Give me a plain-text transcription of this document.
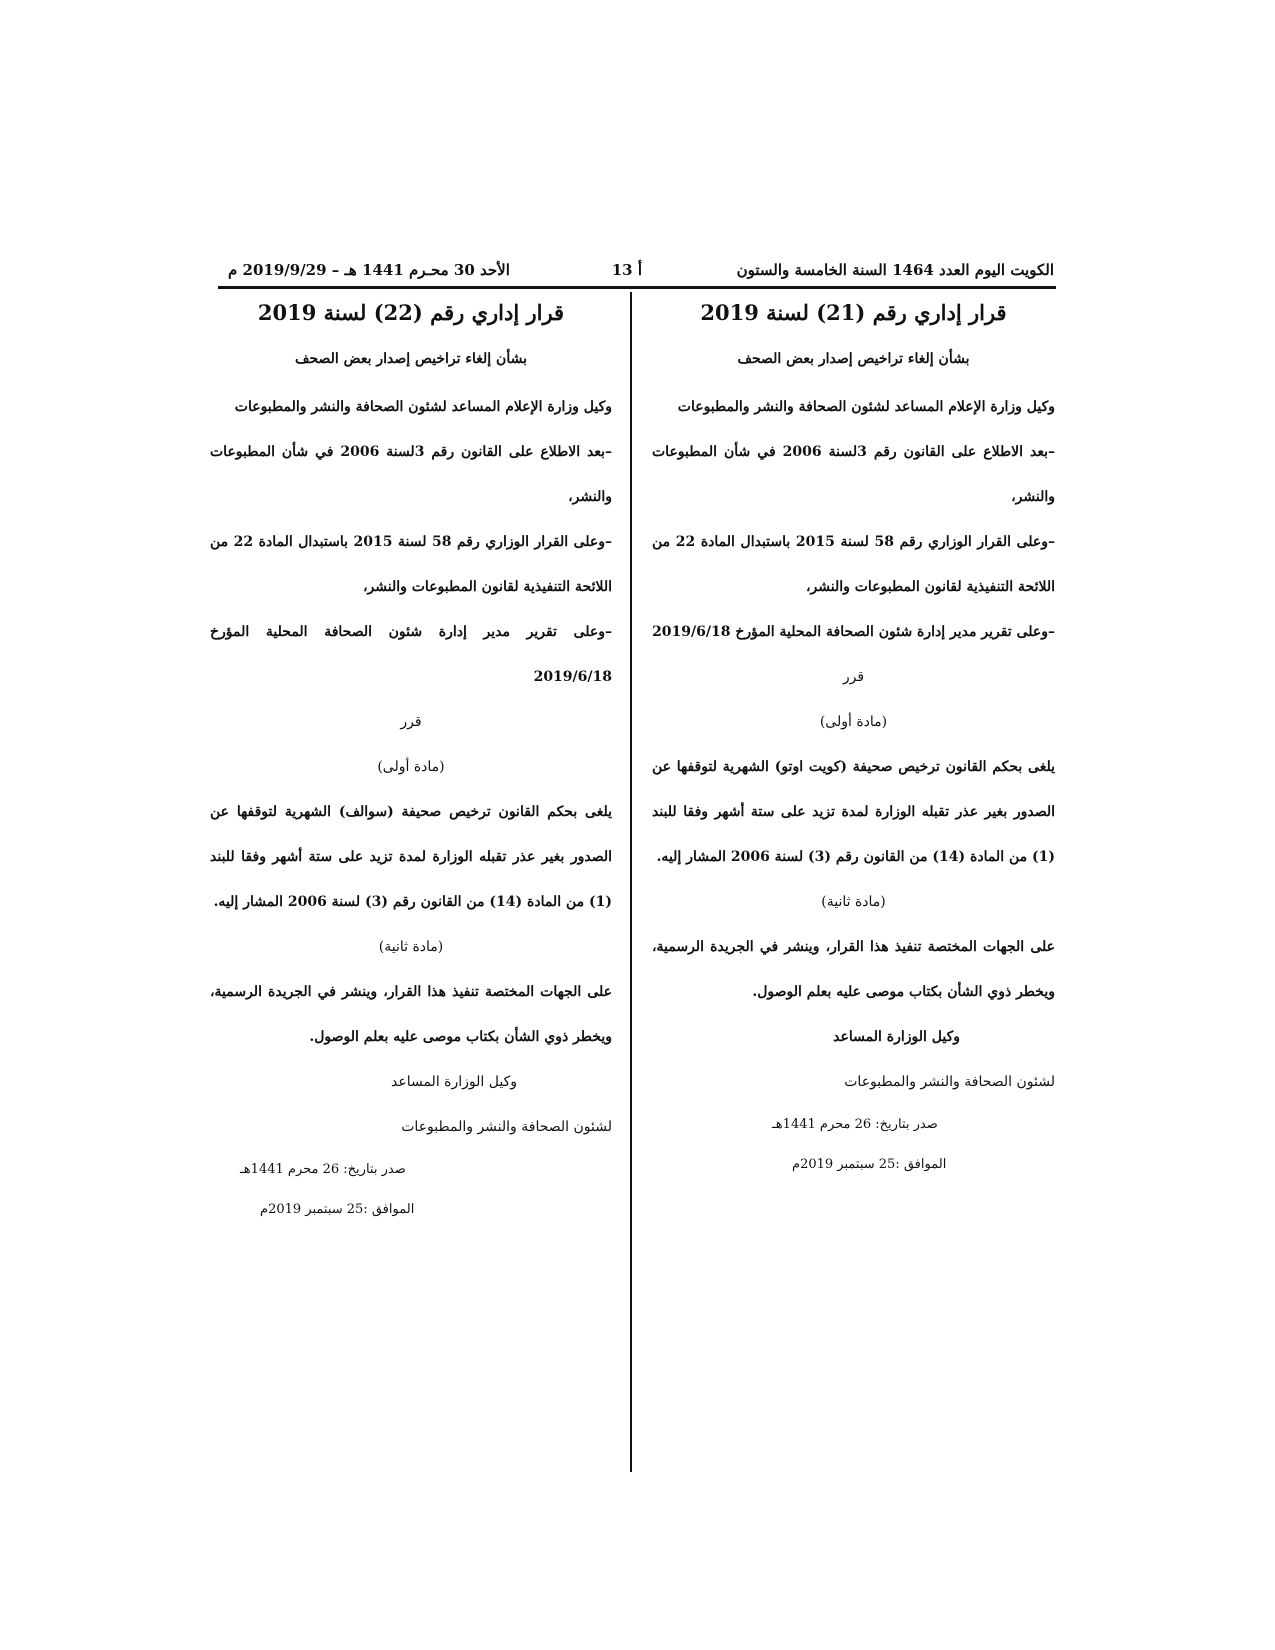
الكويت اليوم العدد 1464 السنة الخامسة والستون
أ 13
الأحد 30 محـرم 1441 هـ – 2019/9/29 م
قرار إداري رقم (21) لسنة 2019
بشأن إلغاء تراخيص إصدار بعض الصحف
وكيل وزارة الإعلام المساعد لشئون الصحافة والنشر والمطبوعات
–بعد الاطلاع على القانون رقم 3لسنة 2006 في شأن المطبوعات والنشر،
–وعلى القرار الوزاري رقم 58 لسنة 2015 باستبدال المادة 22 من اللائحة التنفيذية لقانون المطبوعات والنشر،
–وعلى تقرير مدير إدارة شئون الصحافة المحلية المؤرخ 2019/6/18
قرر
(مادة أولى)
يلغى بحكم القانون ترخيص صحيفة (كويت اوتو) الشهرية لتوقفها عن الصدور بغير عذر تقبله الوزارة لمدة تزيد على ستة أشهر وفقا للبند (1) من المادة (14) من القانون رقم (3) لسنة 2006 المشار إليه.
(مادة ثانية)
على الجهات المختصة تنفيذ هذا القرار، وينشر في الجريدة الرسمية، ويخطر ذوي الشأن بكتاب موصى عليه بعلم الوصول.
وكيل الوزارة المساعد
لشئون الصحافة والنشر والمطبوعات
صدر بتاريخ: 26 محرم 1441هـ
الموافق :25 سبتمبر 2019م
قرار إداري رقم (22) لسنة 2019
بشأن إلغاء تراخيص إصدار بعض الصحف
وكيل وزارة الإعلام المساعد لشئون الصحافة والنشر والمطبوعات
–بعد الاطلاع على القانون رقم 3لسنة 2006 في شأن المطبوعات والنشر،
–وعلى القرار الوزاري رقم 58 لسنة 2015 باستبدال المادة 22 من اللائحة التنفيذية لقانون المطبوعات والنشر،
–وعلى تقرير مدير إدارة شئون الصحافة المحلية المؤرخ 2019/6/18
قرر
(مادة أولى)
يلغى بحكم القانون ترخيص صحيفة (سوالف) الشهرية لتوقفها عن الصدور بغير عذر تقبله الوزارة لمدة تزيد على ستة أشهر وفقا للبند (1) من المادة (14) من القانون رقم (3) لسنة 2006 المشار إليه.
(مادة ثانية)
على الجهات المختصة تنفيذ هذا القرار، وينشر في الجريدة الرسمية، ويخطر ذوي الشأن بكتاب موصى عليه بعلم الوصول.
وكيل الوزارة المساعد
لشئون الصحافة والنشر والمطبوعات
صدر بتاريخ: 26 محرم 1441هـ
الموافق :25 سبتمبر 2019م
